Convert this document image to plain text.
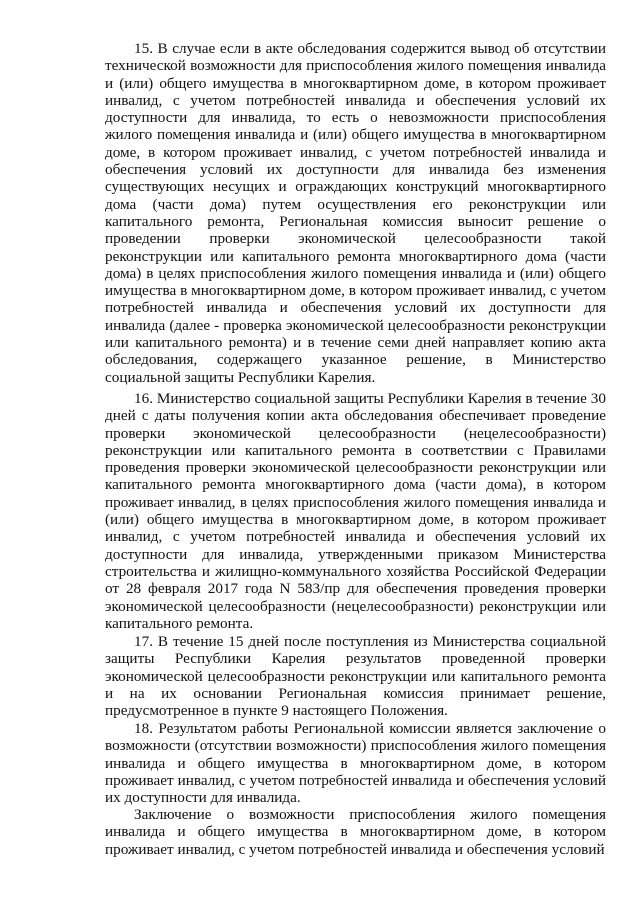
15. В случае если в акте обследования содержится вывод об отсутствии технической возможности для приспособления жилого помещения инвалида и (или) общего имущества в многоквартирном доме, в котором проживает инвалид, с учетом потребностей инвалида и обеспечения условий их доступности для инвалида, то есть о невозможности приспособления жилого помещения инвалида и (или) общего имущества в многоквартирном доме, в котором проживает инвалид, с учетом потребностей инвалида и обеспечения условий их доступности для инвалида без изменения существующих несущих и ограждающих конструкций многоквартирного дома (части дома) путем осуществления его реконструкции или капитального ремонта, Региональная комиссия выносит решение о проведении проверки экономической целесообразности такой реконструкции или капитального ремонта многоквартирного дома (части дома) в целях приспособления жилого помещения инвалида и (или) общего имущества в многоквартирном доме, в котором проживает инвалид, с учетом потребностей инвалида и обеспечения условий их доступности для инвалида (далее - проверка экономической целесообразности реконструкции или капитального ремонта) и в течение семи дней направляет копию акта обследования, содержащего указанное решение, в Министерство социальной защиты Республики Карелия.

16. Министерство социальной защиты Республики Карелия в течение 30 дней с даты получения копии акта обследования обеспечивает проведение проверки экономической целесообразности (нецелесообразности) реконструкции или капитального ремонта в соответствии с Правилами проведения проверки экономической целесообразности реконструкции или капитального ремонта многоквартирного дома (части дома), в котором проживает инвалид, в целях приспособления жилого помещения инвалида и (или) общего имущества в многоквартирном доме, в котором проживает инвалид, с учетом потребностей инвалида и обеспечения условий их доступности для инвалида, утвержденными приказом Министерства строительства и жилищно-коммунального хозяйства Российской Федерации от 28 февраля 2017 года N 583/пр для обеспечения проведения проверки экономической целесообразности (нецелесообразности) реконструкции или капитального ремонта.

17. В течение 15 дней после поступления из Министерства социальной защиты Республики Карелия результатов проведенной проверки экономической целесообразности реконструкции или капитального ремонта и на их основании Региональная комиссия принимает решение, предусмотренное в пункте 9 настоящего Положения.

18. Результатом работы Региональной комиссии является заключение о возможности (отсутствии возможности) приспособления жилого помещения инвалида и общего имущества в многоквартирном доме, в котором проживает инвалид, с учетом потребностей инвалида и обеспечения условий их доступности для инвалида.

Заключение о возможности приспособления жилого помещения инвалида и общего имущества в многоквартирном доме, в котором проживает инвалид, с учетом потребностей инвалида и обеспечения условий
